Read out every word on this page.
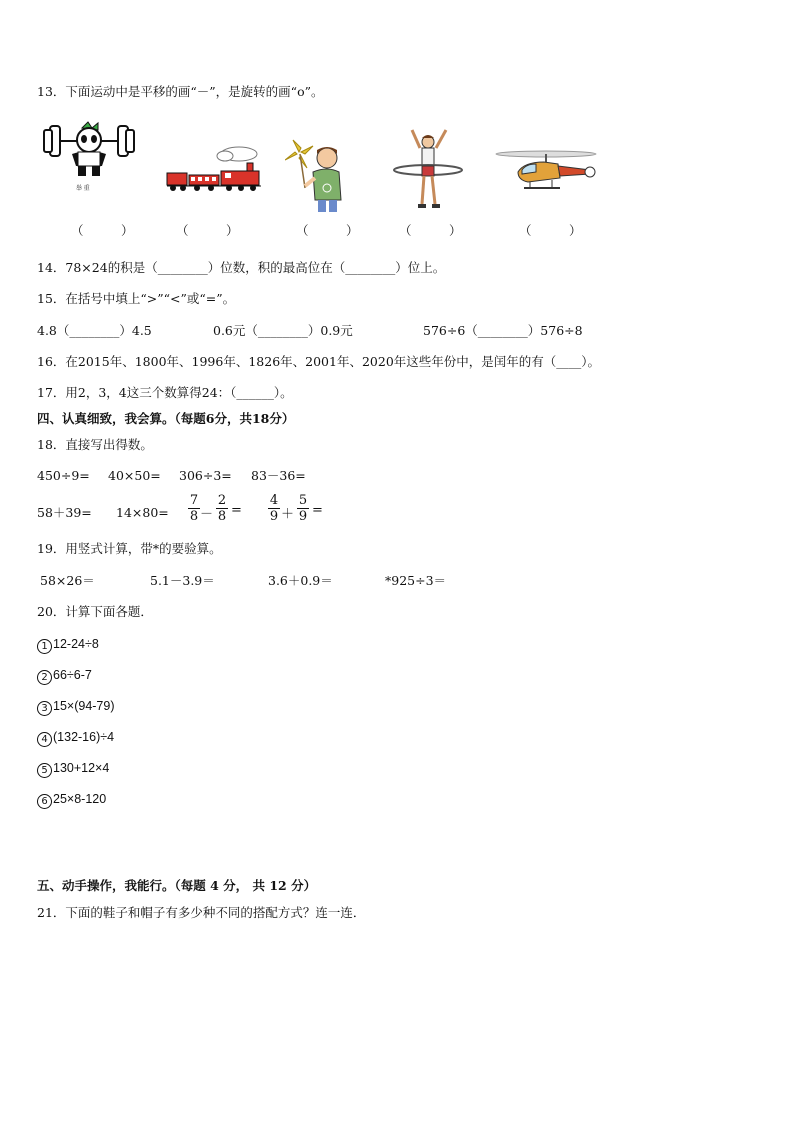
13．下面运动中是平移的画“－”，是旋转的画“o”。
举 重
（　　　）	（　　　）	（　　　）	（　　　）	（　　　）
14．78×24的积是（________）位数，积的最高位在（________）位上。
15．在括号中填上“>”“<”或“=”。
4.8（________）4.5	0.6元（________）0.9元	576÷6（________）576÷8
16．在2015年、1800年、1996年、1826年、2001年、2020年这些年份中，是闰年的有（____）。
17．用2，3，4这三个数算得24：（______）。
四、认真细致，我会算。（每题6分，共18分）
18．直接写出得数。
450÷9= 40×50= 306÷3= 83－36=
58＋39= 14×80=
7
8 －
2
8 =
4
9 ＋
5
9 =
19．用竖式计算，带*的要验算。
58×26＝	5.1－3.9＝	3.6＋0.9＝	*925÷3＝
20．计算下面各题．
1 12-24÷8
2 66÷6-7
3 15×(94-79)
4 (132-16)÷4
5 130+12×4
6 25×8-120
五、动手操作，我能行。（每题 4 分， 共 12 分）
21．下面的鞋子和帽子有多少种不同的搭配方式？连一连．
